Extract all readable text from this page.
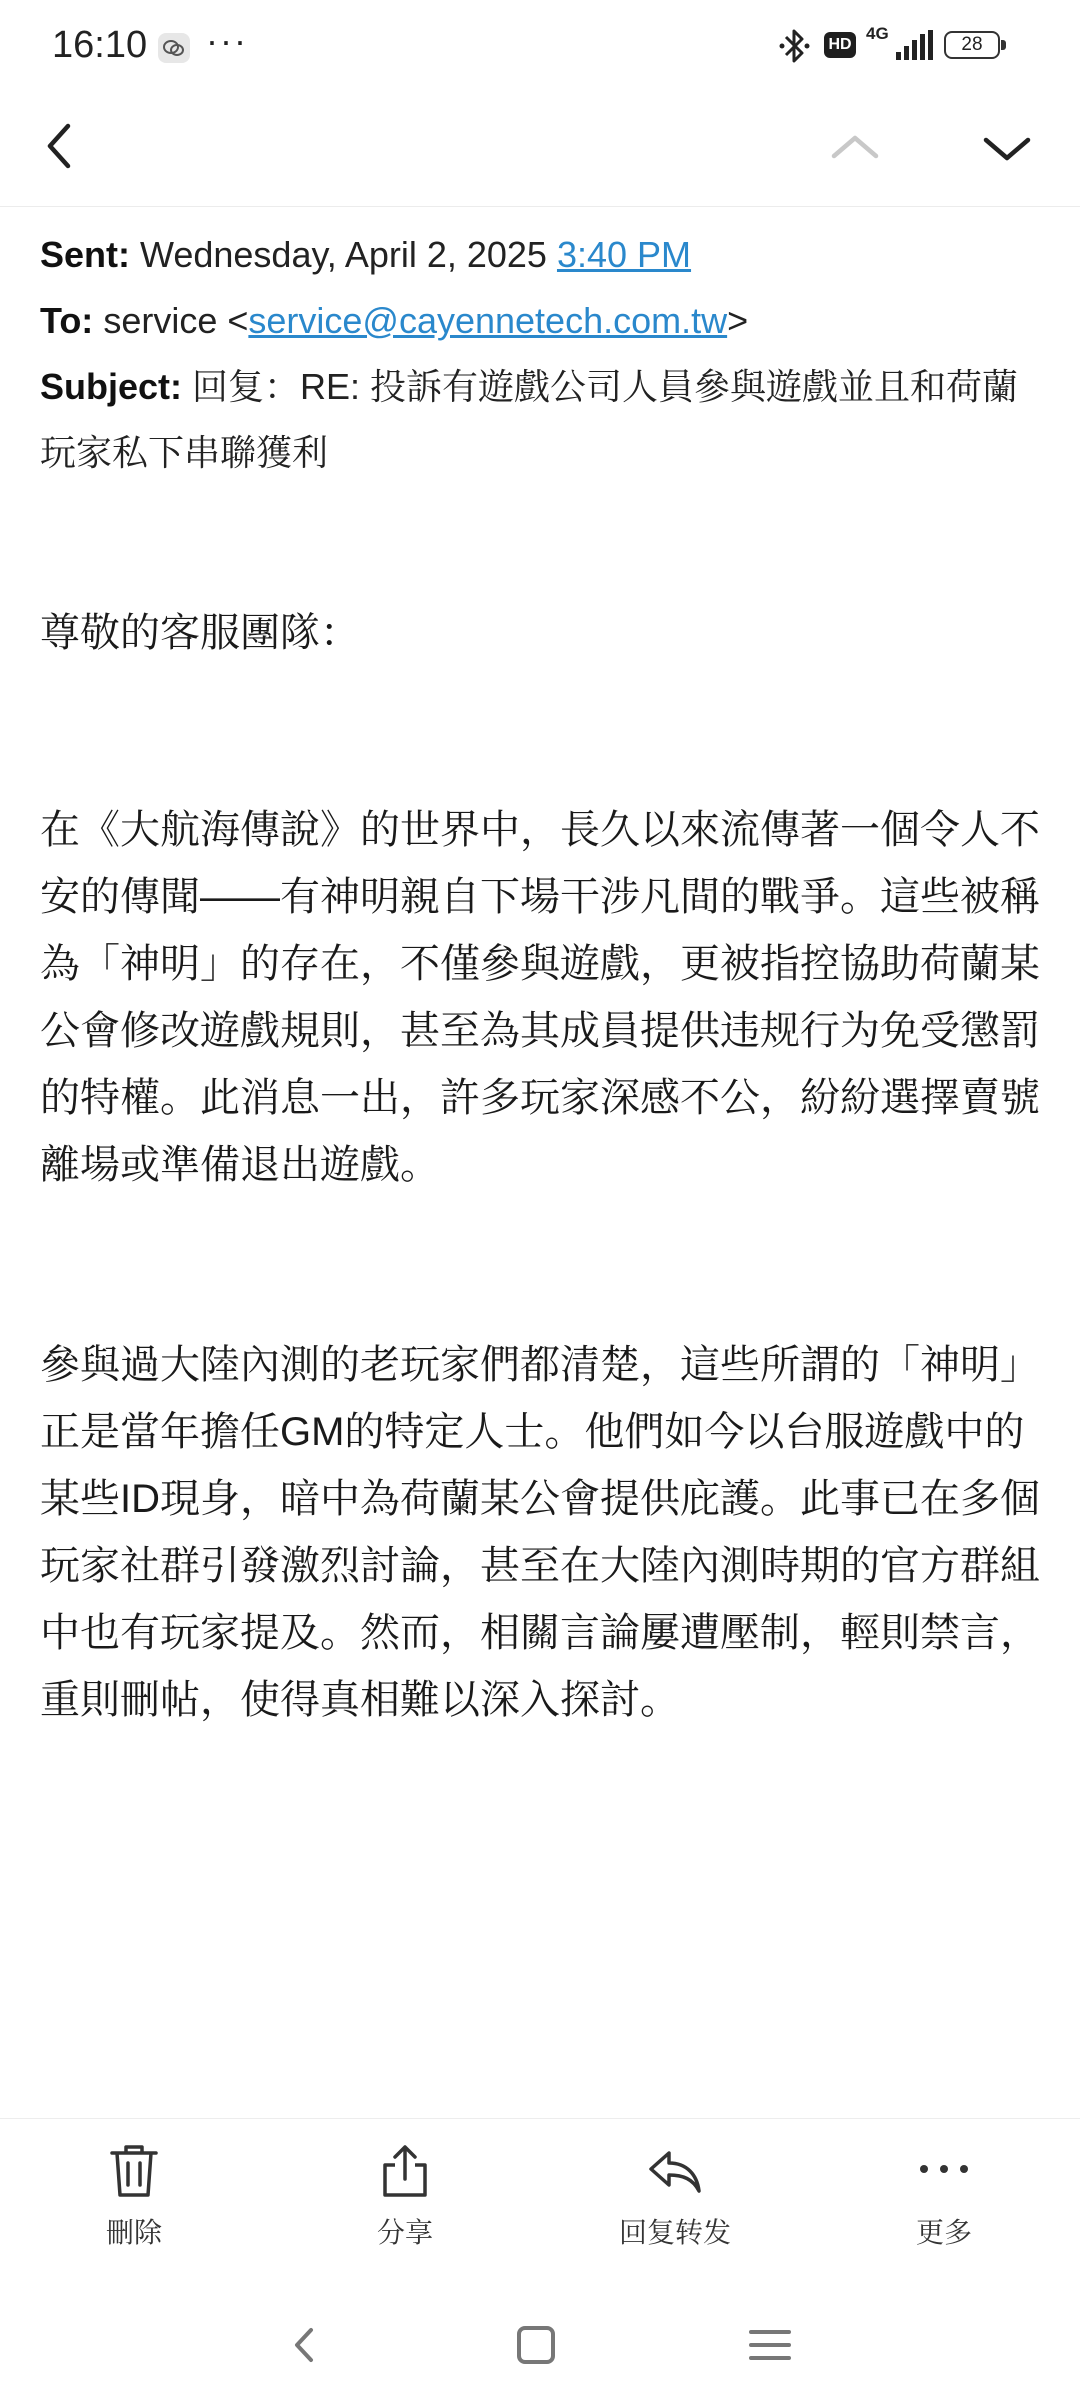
16:10 ···	HD
4G
28
Sent: Wednesday, April 2, 2025 3:40 PM
To: service <service@cayennetech.com.tw>
Subject: 回复：RE: 投訴有遊戲公司人員參與遊戲並且和荷蘭玩家私下串聯獲利

尊敬的客服團隊：

在《大航海傳說》的世界中，長久以來流傳著一個令人不安的傳聞——有神明親自下場干涉凡間的戰爭。這些被稱為「神明」的存在，不僅參與遊戲，更被指控協助荷蘭某公會修改遊戲規則，甚至為其成員提供违规行为免受懲罰的特權。此消息一出，許多玩家深感不公，紛紛選擇賣號離場或準備退出遊戲。

參與過大陸內測的老玩家們都清楚，這些所謂的「神明」正是當年擔任GM的特定人士。他們如今以台服遊戲中的某些ID現身，暗中為荷蘭某公會提供庇護。此事已在多個玩家社群引發激烈討論，甚至在大陸內測時期的官方群組中也有玩家提及。然而，相關言論屢遭壓制，輕則禁言，重則刪帖，使得真相難以深入探討。

刪除	分享	回复转发	更多
